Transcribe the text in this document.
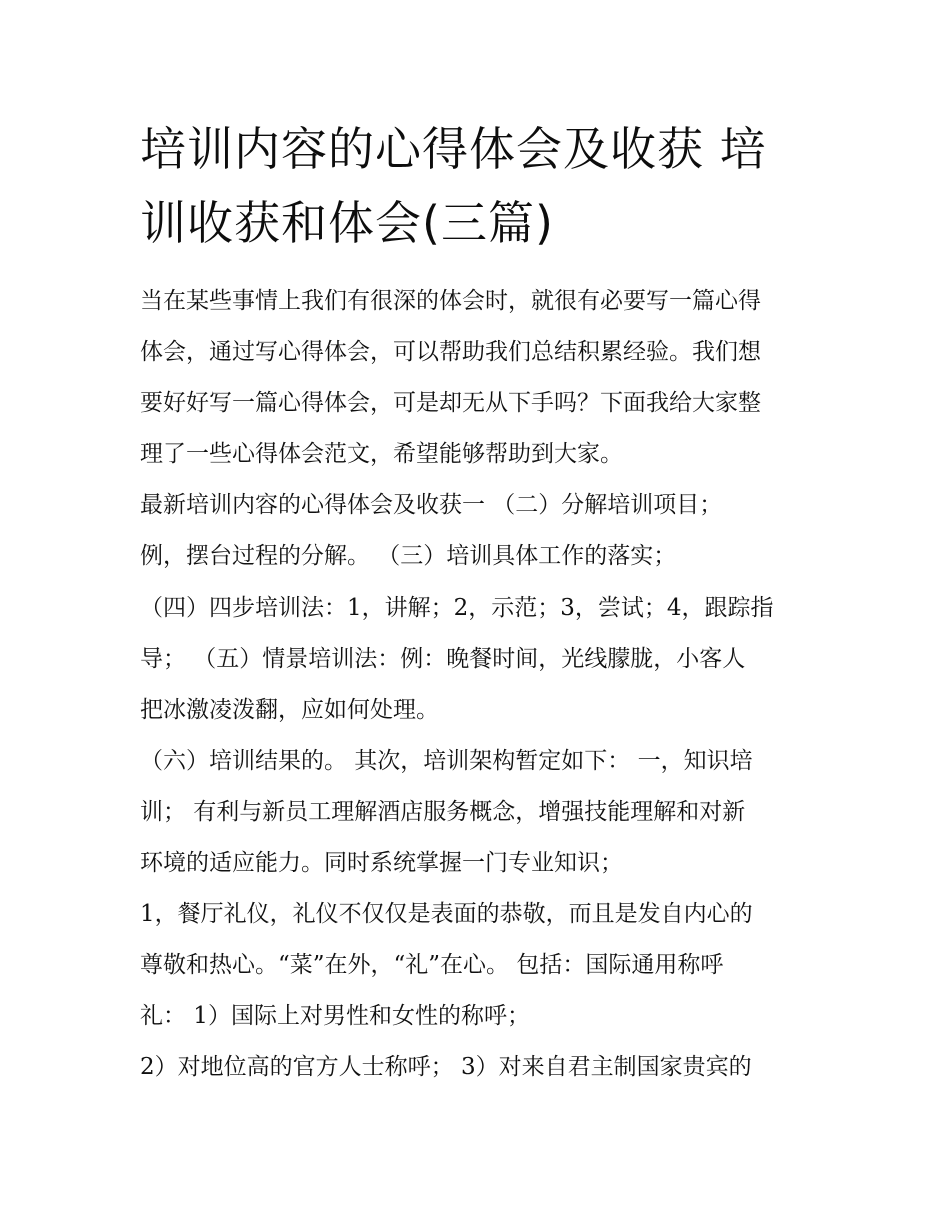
培训内容的心得体会及收获 培
训收获和体会(三篇)
当在某些事情上我们有很深的体会时，就很有必要写一篇心得
体会，通过写心得体会，可以帮助我们总结积累经验。我们想
要好好写一篇心得体会，可是却无从下手吗？下面我给大家整
理了一些心得体会范文，希望能够帮助到大家。
最新培训内容的心得体会及收获一 （二）分解培训项目；
例，摆台过程的分解。 （三）培训具体工作的落实；
（四）四步培训法：1，讲解；2，示范；3，尝试；4，跟踪指
导； （五）情景培训法：例：晚餐时间，光线朦胧，小客人
把冰激凌泼翻，应如何处理。
（六）培训结果的。 其次，培训架构暂定如下： 一，知识培
训； 有利与新员工理解酒店服务概念，增强技能理解和对新
环境的适应能力。同时系统掌握一门专业知识；
1，餐厅礼仪，礼仪不仅仅是表面的恭敬，而且是发自内心的
尊敬和热心。“菜”在外，“礼”在心。 包括：国际通用称呼
礼： 1）国际上对男性和女性的称呼；
2）对地位高的官方人士称呼； 3）对来自君主制国家贵宾的
